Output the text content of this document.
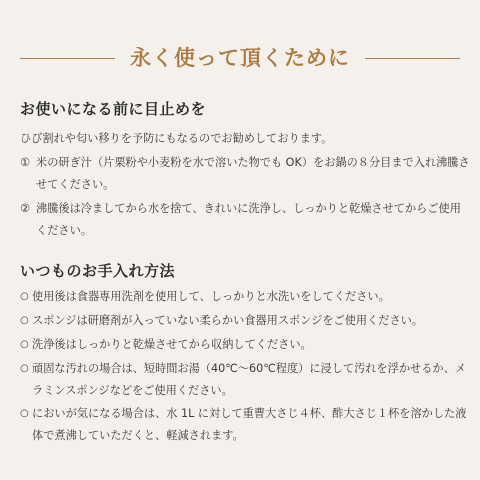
永く使って頂くために
お使いになる前に目止めを
ひび割れや匂い移りを予防にもなるのでお勧めしております。
① 米の研ぎ汁（片栗粉や小麦粉を水で溶いた物でも OK）をお鍋の８分目まで入れ沸騰させてください。
② 沸騰後は冷ましてから水を捨て、きれいに洗浄し、しっかりと乾燥させてからご使用ください。
いつものお手入れ方法
○ 使用後は食器専用洗剤を使用して、しっかりと水洗いをしてください。
○ スポンジは研磨剤が入っていない柔らかい食器用スポンジをご使用ください。
○ 洗浄後はしっかりと乾燥させてから収納してください。
○ 頑固な汚れの場合は、短時間お湯（40℃〜60℃程度）に浸して汚れを浮かせるか、メラミンスポンジなどをご使用ください。
○ においが気になる場合は、水 1L に対して重曹大さじ４杯、酢大さじ１杯を溶かした液体で煮沸していただくと、軽減されます。
